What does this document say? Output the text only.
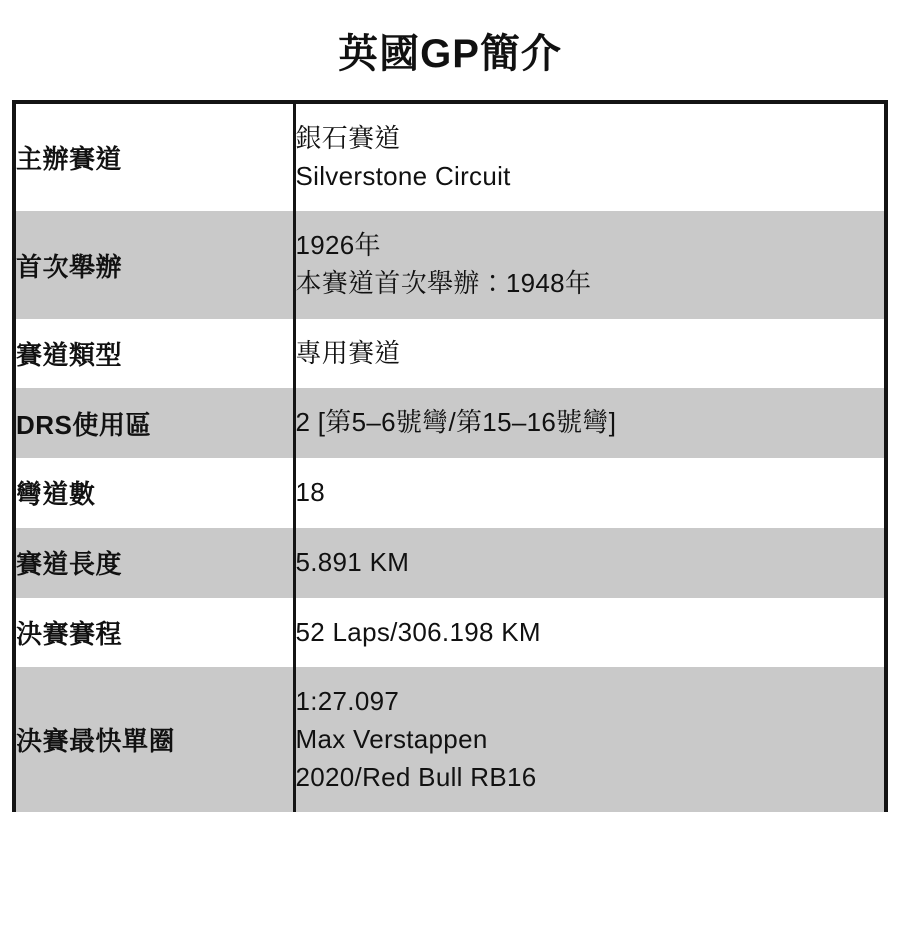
英國GP簡介
主辦賽道	銀石賽道
Silverstone Circuit

首次舉辦	1926年
本賽道首次舉辦：1948年

賽道類型	專用賽道

DRS使用區	2 [第5–6號彎/第15–16號彎]

彎道數	18

賽道長度	5.891 KM

決賽賽程	52 Laps/306.198 KM

決賽最快單圈	1:27.097
Max Verstappen
2020/Red Bull RB16
